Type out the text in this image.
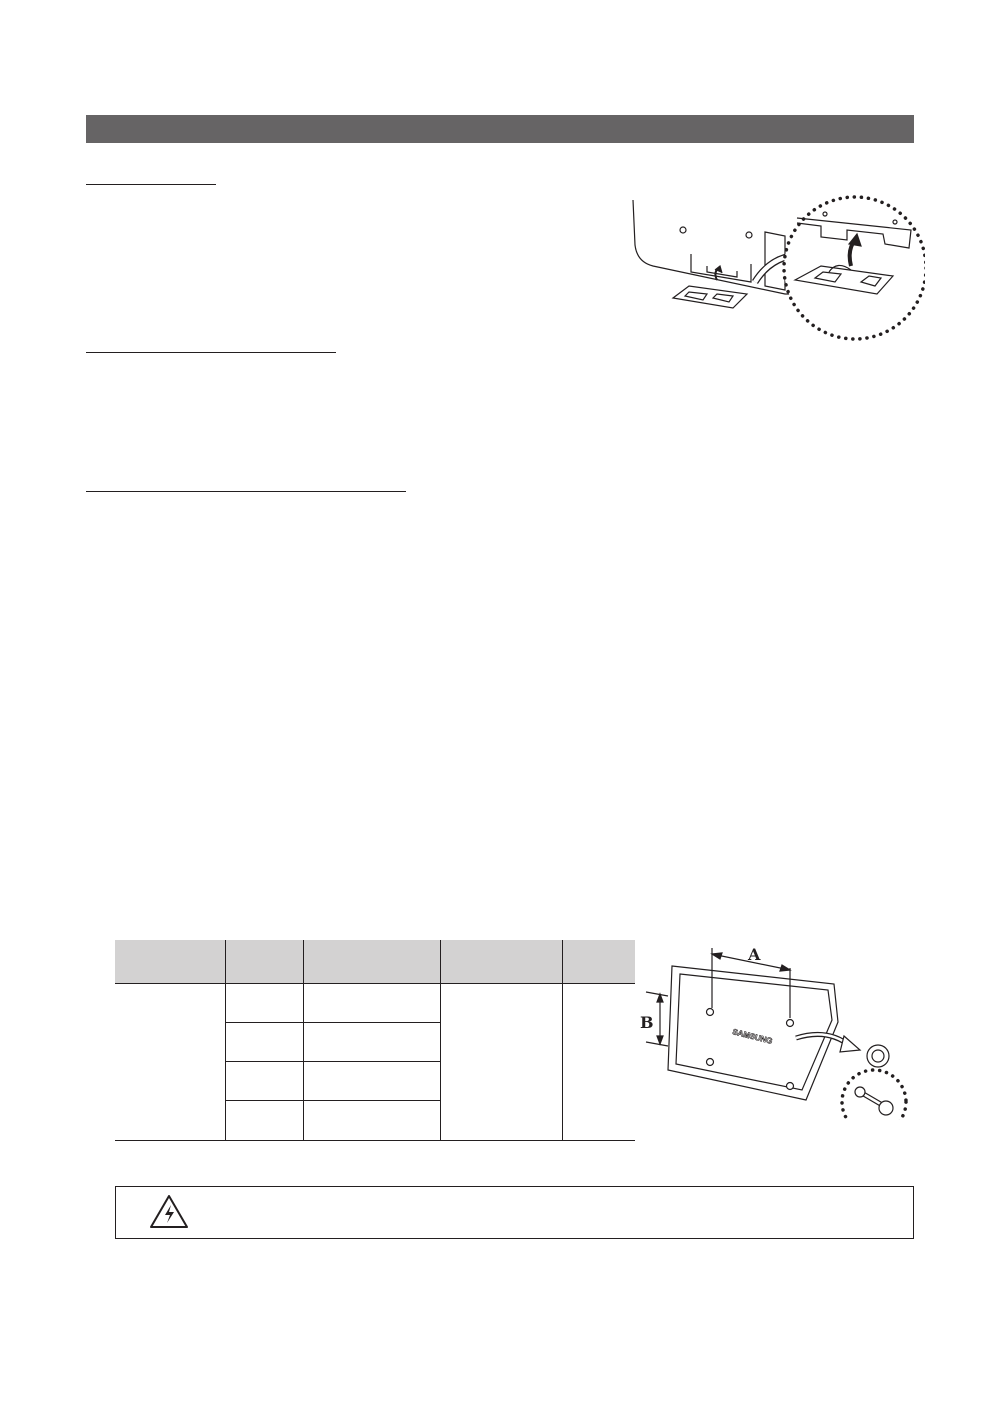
A
B
SAMSUNG
